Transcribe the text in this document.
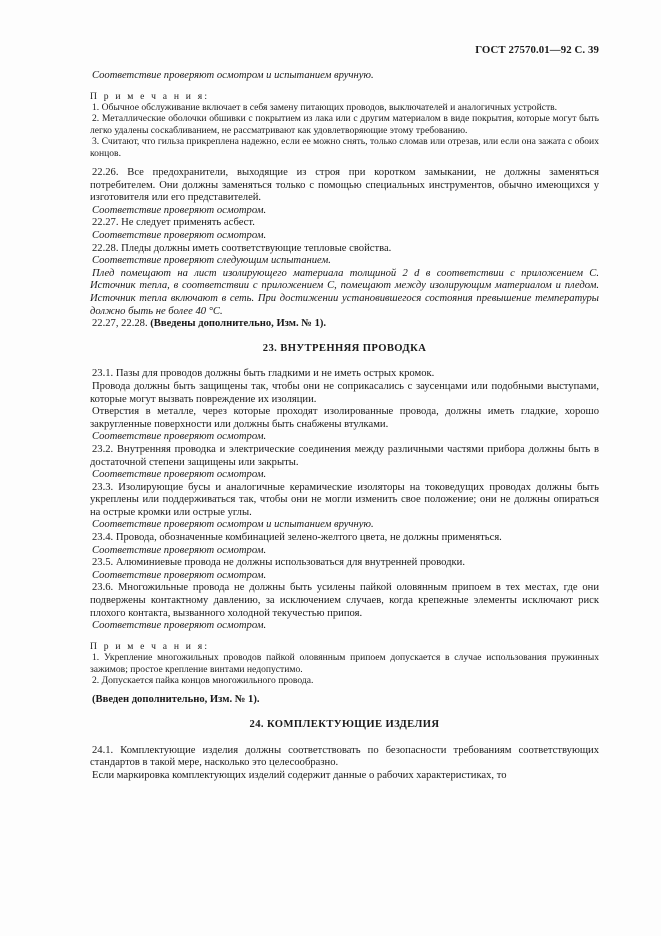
ГОСТ 27570.01—92 С. 39

Соответствие проверяют осмотром и испытанием вручную.

П р и м е ч а н и я:

1. Обычное обслуживание включает в себя замену питающих проводов, выключателей и аналогичных устройств.

2. Металлические оболочки обшивки с покрытием из лака или с другим материалом в виде покрытия, которые могут быть легко удалены соскабливанием, не рассматривают как удовлетворяющие этому требованию.

3. Считают, что гильза прикреплена надежно, если ее можно снять, только сломав или отрезав, или если она зажата с обоих концов.

22.26. Все предохранители, выходящие из строя при коротком замыкании, не должны заменяться потребителем. Они должны заменяться только с помощью специальных инструментов, обычно имеющихся у изготовителя или его представителей.

Соответствие проверяют осмотром.

22.27. Не следует применять асбест.

Соответствие проверяют осмотром.

22.28. Пледы должны иметь соответствующие тепловые свойства.

Соответствие проверяют следующим испытанием.

Плед помещают на лист изолирующего материала толщиной 2 d в соответствии с приложением С. Источник тепла, в соответствии с приложением С, помещают между изолирующим материалом и пледом. Источник тепла включают в сеть. При достижении установившегося состояния превышение температуры должно быть не более 40 °С.

22.27, 22.28. (Введены дополнительно, Изм. № 1).

23. ВНУТРЕННЯЯ ПРОВОДКА

23.1. Пазы для проводов должны быть гладкими и не иметь острых кромок.

Провода должны быть защищены так, чтобы они не соприкасались с заусенцами или подобными выступами, которые могут вызвать повреждение их изоляции.

Отверстия в металле, через которые проходят изолированные провода, должны иметь гладкие, хорошо закругленные поверхности или должны быть снабжены втулками.

Соответствие проверяют осмотром.

23.2. Внутренняя проводка и электрические соединения между различными частями прибора должны быть в достаточной степени защищены или закрыты.

Соответствие проверяют осмотром.

23.3. Изолирующие бусы и аналогичные керамические изоляторы на токоведущих проводах должны быть укреплены или поддерживаться так, чтобы они не могли изменить свое положение; они не должны опираться на острые кромки или острые углы.

Соответствие проверяют осмотром и испытанием вручную.

23.4. Провода, обозначенные комбинацией зелено-желтого цвета, не должны применяться.

Соответствие проверяют осмотром.

23.5. Алюминиевые провода не должны использоваться для внутренней проводки.

Соответствие проверяют осмотром.

23.6. Многожильные провода не должны быть усилены пайкой оловянным припоем в тех местах, где они подвержены контактному давлению, за исключением случаев, когда крепежные элементы исключают риск плохого контакта, вызванного холодной текучестью припоя.

Соответствие проверяют осмотром.

П р и м е ч а н и я:

1. Укрепление многожильных проводов пайкой оловянным припоем допускается в случае использования пружинных зажимов; простое крепление винтами недопустимо.

2. Допускается пайка концов многожильного провода.

(Введен дополнительно, Изм. № 1).

24. КОМПЛЕКТУЮЩИЕ ИЗДЕЛИЯ

24.1. Комплектующие изделия должны соответствовать по безопасности требованиям соответствующих стандартов в такой мере, насколько это целесообразно.

Если маркировка комплектующих изделий содержит данные о рабочих характеристиках, то
